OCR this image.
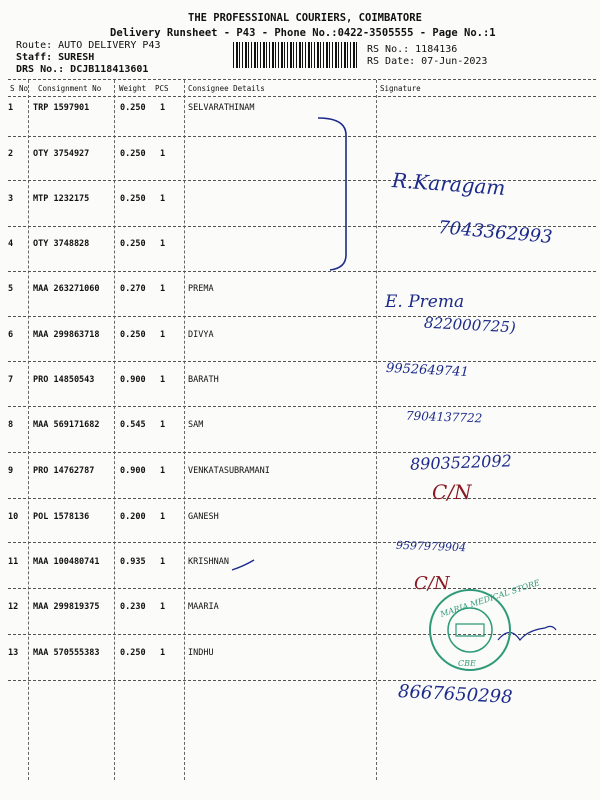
THE PROFESSIONAL COURIERS, COIMBATORE
Delivery Runsheet - P43 - Phone No.:0422-3505555 - Page No.:1
Route: AUTO DELIVERY P43
Staff: SURESH
DRS No.: DCJB118413601
RS No.: 1184136
RS Date: 07-Jun-2023
S No Consignment No Weight PCS	Consignee Details	Signature
1 TRP 1597901	0.250 1	SELVARATHINAM
2 OTY 3754927	0.250 1
3 MTP 1232175	0.250 1
4 OTY 3748828	0.250 1
5 MAA 263271060 0.270 1	PREMA
6 MAA 299863718 0.250 1	DIVYA
7 PRO 14850543	0.900 1	BARATH
8 MAA 569171682 0.545 1	SAM
9 PRO 14762787	0.900 1	VENKATASUBRAMANI
10 POL 1578136	0.200 1	GANESH
11 MAA 100480741 0.935 1	KRISHNAN
12 MAA 299819375 0.230 1	MAARIA
13 MAA 570555383 0.250 1	INDHU
MARIA MEDICAL STORE
CBE
R.Karagam
7043362993
E. Prema
822000725)
9952649741
7904137722
8903522092
C/N
9597979904
C/N
8667650298
